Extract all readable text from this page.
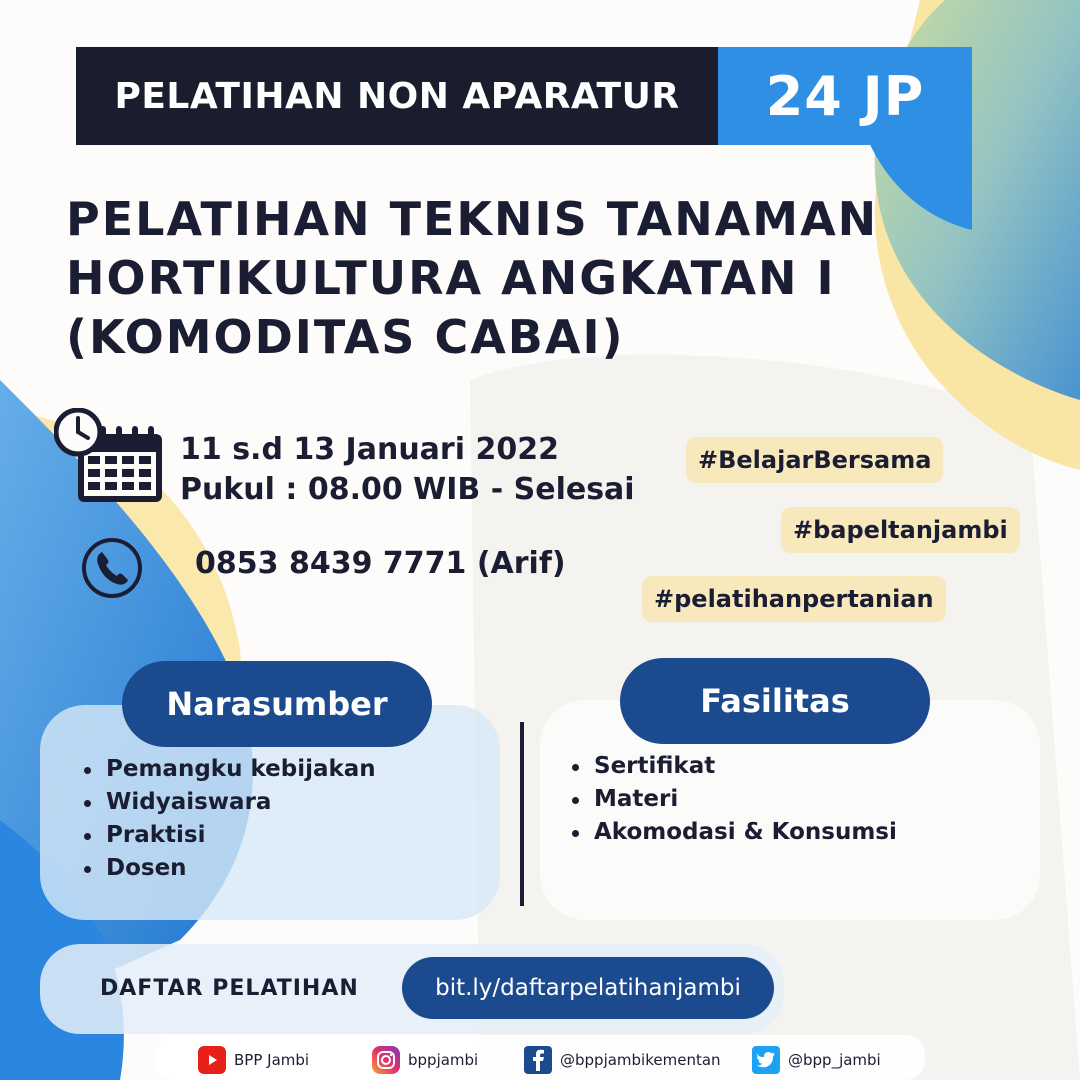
PELATIHAN NON APARATUR	24 JP
PELATIHAN TEKNIS TANAMAN
HORTIKULTURA ANGKATAN I
(KOMODITAS CABAI)
11 s.d 13 Januari 2022
Pukul : 08.00 WIB - Selesai
0853 8439 7771 (Arif)
#BelajarBersama
#bapeltanjambi
#pelatihanpertanian
Narasumber
Pemangku kebijakan
Widyaiswara
Praktisi
Dosen
Fasilitas
Sertifikat
Materi
Akomodasi & Konsumsi
DAFTAR PELATIHAN	bit.ly/daftarpelatihanjambi
BPP Jambi	bppjambi	@bppjambikementan	@bpp_jambi
